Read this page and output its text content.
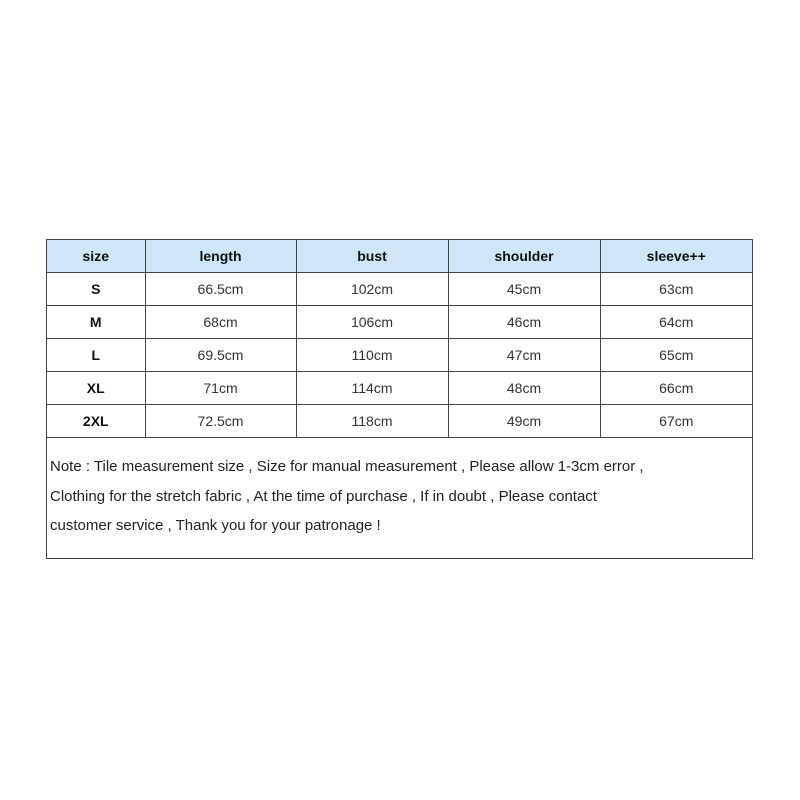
size	length	bust	shoulder	sleeve++
S	66.5cm	102cm	45cm	63cm
M	68cm	106cm	46cm	64cm
L	69.5cm	110cm	47cm	65cm
XL	71cm	114cm	48cm	66cm
2XL	72.5cm	118cm	49cm	67cm
Note : Tile measurement size , Size for manual measurement , Please allow 1-3cm error ,
Clothing for the stretch fabric , At the time of purchase , If in doubt , Please contact
customer service , Thank you for your patronage !
